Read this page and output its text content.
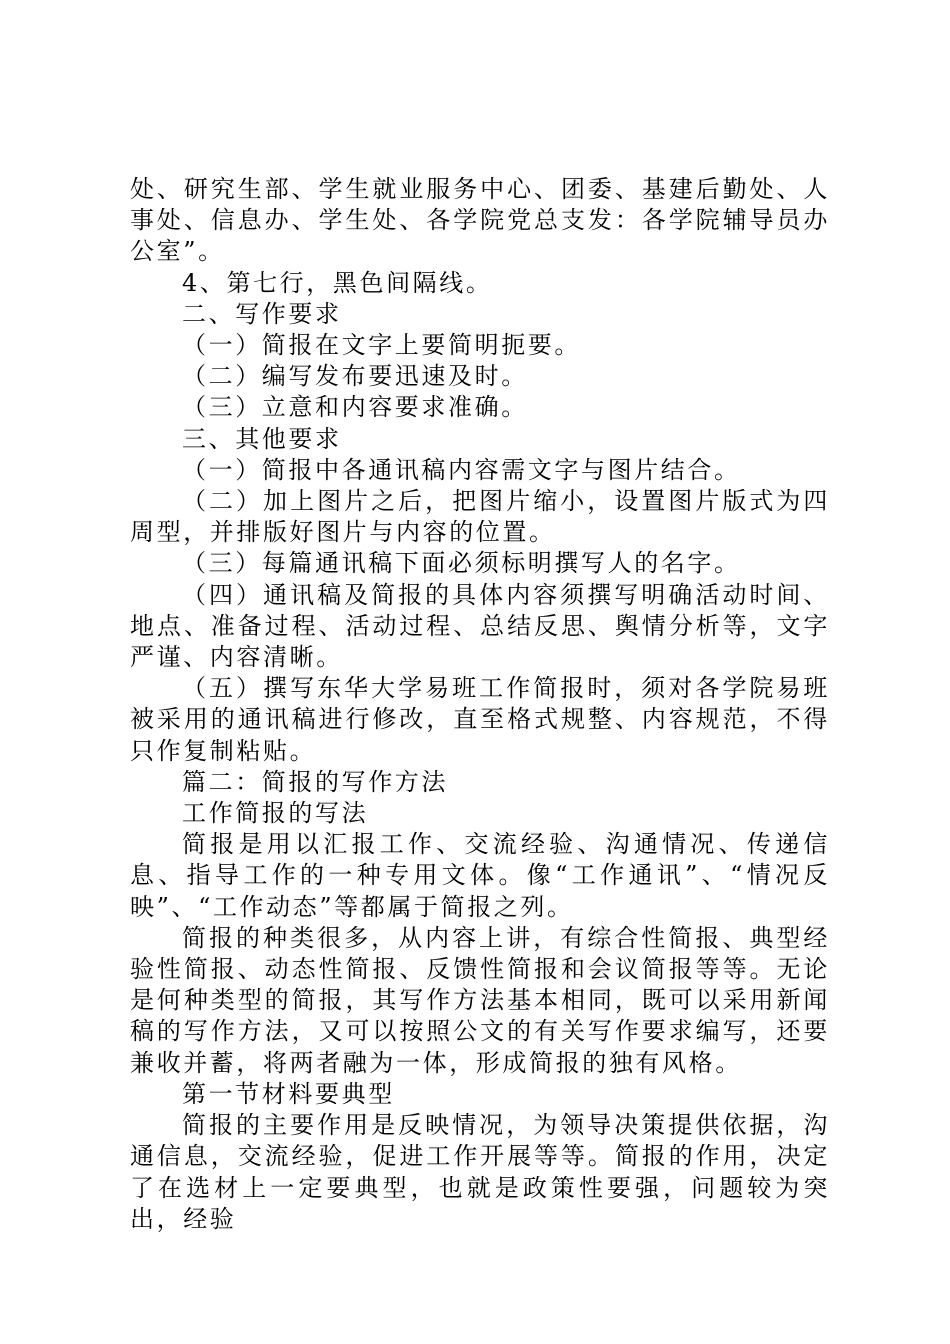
处、研究生部、学生就业服务中心、团委、基建后勤处、人事处、信息办、学生处、各学院党总支发：各学院辅导员办公室”。

4、第七行，黑色间隔线。

二、写作要求

（一）简报在文字上要简明扼要。

（二）编写发布要迅速及时。

（三）立意和内容要求准确。

三、其他要求

（一）简报中各通讯稿内容需文字与图片结合。

（二）加上图片之后，把图片缩小，设置图片版式为四周型，并排版好图片与内容的位置。

（三）每篇通讯稿下面必须标明撰写人的名字。

（四）通讯稿及简报的具体内容须撰写明确活动时间、地点、准备过程、活动过程、总结反思、舆情分析等，文字严谨、内容清晰。

（五）撰写东华大学易班工作简报时，须对各学院易班被采用的通讯稿进行修改，直至格式规整、内容规范，不得只作复制粘贴。

篇二：简报的写作方法

工作简报的写法

简报是用以汇报工作、交流经验、沟通情况、传递信息、指导工作的一种专用文体。像“工作通讯”、“情况反映”、“工作动态”等都属于简报之列。

简报的种类很多，从内容上讲，有综合性简报、典型经验性简报、动态性简报、反馈性简报和会议简报等等。无论是何种类型的简报，其写作方法基本相同，既可以采用新闻稿的写作方法，又可以按照公文的有关写作要求编写，还要兼收并蓄，将两者融为一体，形成简报的独有风格。

第一节材料要典型

简报的主要作用是反映情况，为领导决策提供依据，沟通信息，交流经验，促进工作开展等等。简报的作用，决定了在选材上一定要典型，也就是政策性要强，问题较为突出，经验
